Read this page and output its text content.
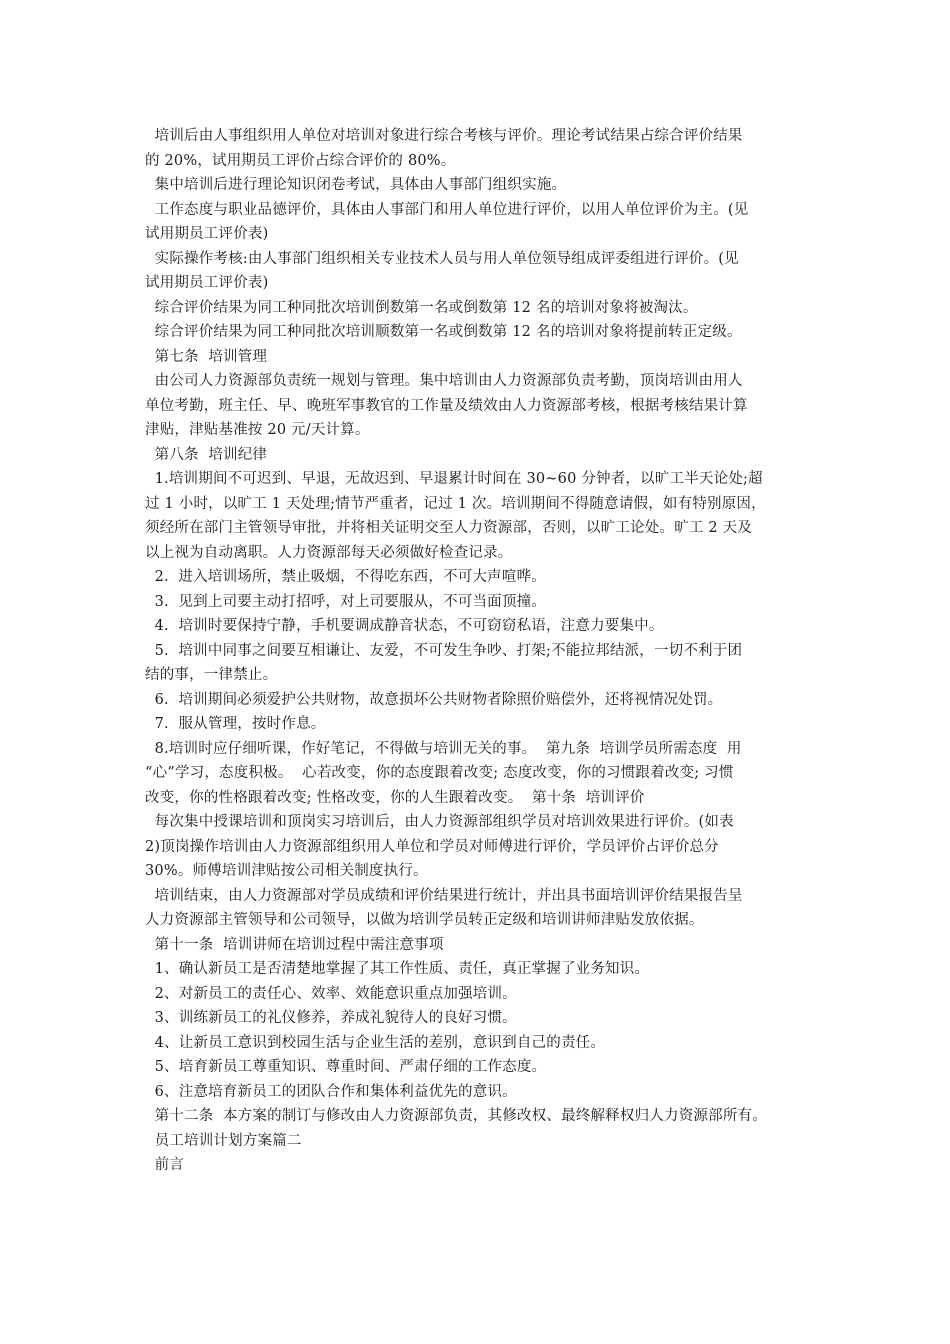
培训后由人事组织用人单位对培训对象进行综合考核与评价。理论考试结果占综合评价结果
的 20%，试用期员工评价占综合评价的 80%。
集中培训后进行理论知识闭卷考试，具体由人事部门组织实施。
工作态度与职业品德评价，具体由人事部门和用人单位进行评价，以用人单位评价为主。(见
试用期员工评价表)
实际操作考核:由人事部门组织相关专业技术人员与用人单位领导组成评委组进行评价。(见
试用期员工评价表)
综合评价结果为同工种同批次培训倒数第一名或倒数第 12 名的培训对象将被淘汰。
综合评价结果为同工种同批次培训顺数第一名或倒数第 12 名的培训对象将提前转正定级。
第七条  培训管理
由公司人力资源部负责统一规划与管理。集中培训由人力资源部负责考勤，顶岗培训由用人
单位考勤，班主任、早、晚班军事教官的工作量及绩效由人力资源部考核，根据考核结果计算
津贴，津贴基准按 20 元/天计算。
第八条  培训纪律
1.培训期间不可迟到、早退，无故迟到、早退累计时间在 30~60 分钟者，以旷工半天论处;超
过 1 小时，以旷工 1 天处理;情节严重者，记过 1 次。培训期间不得随意请假，如有特别原因，
须经所在部门主管领导审批，并将相关证明交至人力资源部，否则，以旷工论处。旷工 2 天及
以上视为自动离职。人力资源部每天必须做好检查记录。
2.  进入培训场所，禁止吸烟，不得吃东西，不可大声喧哗。
3.  见到上司要主动打招呼，对上司要服从，不可当面顶撞。
4.  培训时要保持宁静，手机要调成静音状态，不可窃窃私语，注意力要集中。
5.  培训中同事之间要互相谦让、友爱，不可发生争吵、打架;不能拉邦结派，一切不利于团
结的事，一律禁止。
6.  培训期间必须爱护公共财物，故意损坏公共财物者除照价赔偿外，还将视情况处罚。
7.  服从管理，按时作息。
8.培训时应仔细听课，作好笔记，不得做与培训无关的事。  第九条  培训学员所需态度  用
“心”学习，态度积极。  心若改变，你的态度跟着改变; 态度改变，你的习惯跟着改变; 习惯
改变，你的性格跟着改变; 性格改变，你的人生跟着改变。  第十条  培训评价
每次集中授课培训和顶岗实习培训后，由人力资源部组织学员对培训效果进行评价。(如表
2)顶岗操作培训由人力资源部组织用人单位和学员对师傅进行评价，学员评价占评价总分
30%。师傅培训津贴按公司相关制度执行。
培训结束，由人力资源部对学员成绩和评价结果进行统计，并出具书面培训评价结果报告呈
人力资源部主管领导和公司领导，以做为培训学员转正定级和培训讲师津贴发放依据。
第十一条  培训讲师在培训过程中需注意事项
1、确认新员工是否清楚地掌握了其工作性质、责任，真正掌握了业务知识。
2、对新员工的责任心、效率、效能意识重点加强培训。
3、训练新员工的礼仪修养，养成礼貌待人的良好习惯。
4、让新员工意识到校园生活与企业生活的差别，意识到自己的责任。
5、培育新员工尊重知识、尊重时间、严肃仔细的工作态度。
6、注意培育新员工的团队合作和集体利益优先的意识。
第十二条  本方案的制订与修改由人力资源部负责，其修改权、最终解释权归人力资源部所有。
员工培训计划方案篇二
前言
